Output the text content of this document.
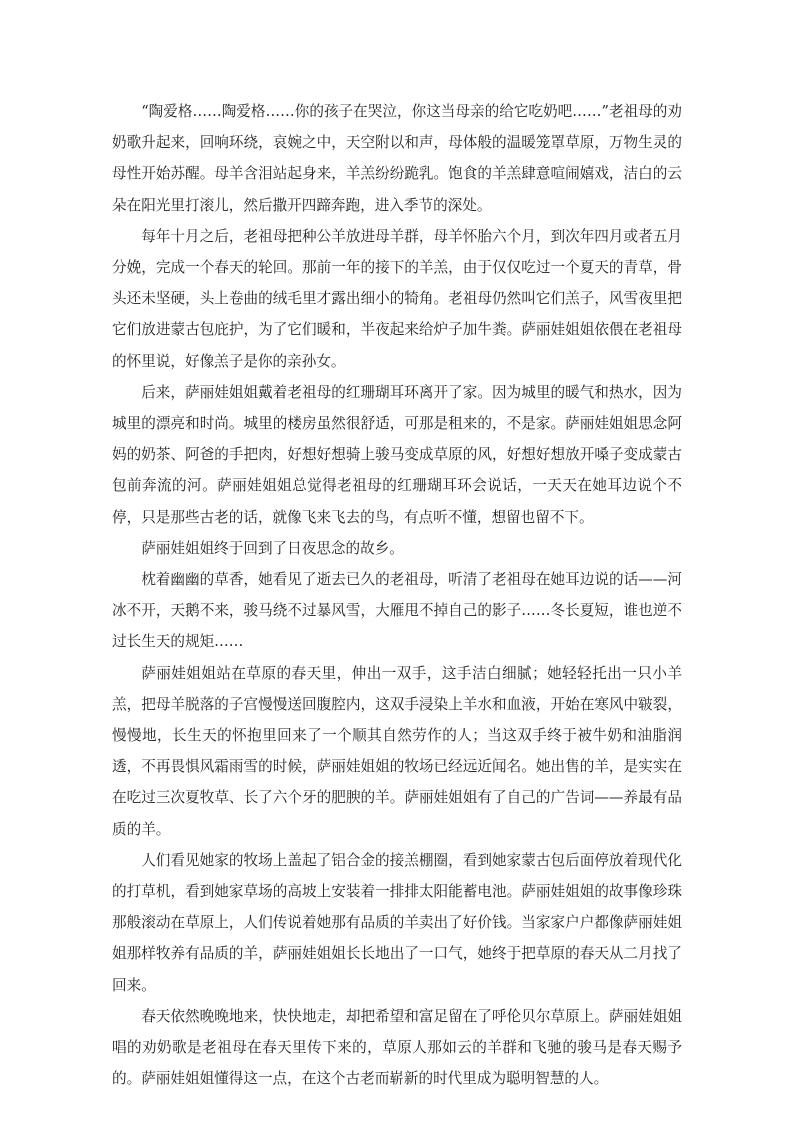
“陶爱格……陶爱格……你的孩子在哭泣，你这当母亲的给它吃奶吧……”老祖母的劝奶歌升起来，回响环绕，哀婉之中，天空附以和声，母体般的温暖笼罩草原，万物生灵的母性开始苏醒。母羊含泪站起身来，羊羔纷纷跪乳。饱食的羊羔肆意喧闹嬉戏，洁白的云朵在阳光里打滚儿，然后撒开四蹄奔跑，进入季节的深处。

每年十月之后，老祖母把种公羊放进母羊群，母羊怀胎六个月，到次年四月或者五月分娩，完成一个春天的轮回。那前一年的接下的羊羔，由于仅仅吃过一个夏天的青草，骨头还未坚硬，头上卷曲的绒毛里才露出细小的犄角。老祖母仍然叫它们羔子，风雪夜里把它们放进蒙古包庇护，为了它们暖和，半夜起来给炉子加牛粪。萨丽娃姐姐依偎在老祖母的怀里说，好像羔子是你的亲孙女。

后来，萨丽娃姐姐戴着老祖母的红珊瑚耳环离开了家。因为城里的暖气和热水，因为城里的漂亮和时尚。城里的楼房虽然很舒适，可那是租来的，不是家。萨丽娃姐姐思念阿妈的奶茶、阿爸的手把肉，好想好想骑上骏马变成草原的风，好想好想放开嗓子变成蒙古包前奔流的河。萨丽娃姐姐总觉得老祖母的红珊瑚耳环会说话，一天天在她耳边说个不停，只是那些古老的话，就像飞来飞去的鸟，有点听不懂，想留也留不下。

萨丽娃姐姐终于回到了日夜思念的故乡。

枕着幽幽的草香，她看见了逝去已久的老祖母，听清了老祖母在她耳边说的话——河冰不开，天鹅不来，骏马绕不过暴风雪，大雁甩不掉自己的影子……冬长夏短，谁也逆不过长生天的规矩……

萨丽娃姐姐站在草原的春天里，伸出一双手，这手洁白细腻；她轻轻托出一只小羊羔，把母羊脱落的子宫慢慢送回腹腔内，这双手浸染上羊水和血液，开始在寒风中皲裂，慢慢地，长生天的怀抱里回来了一个顺其自然劳作的人；当这双手终于被牛奶和油脂润透，不再畏惧风霜雨雪的时候，萨丽娃姐姐的牧场已经远近闻名。她出售的羊，是实实在在吃过三次夏牧草、长了六个牙的肥腴的羊。萨丽娃姐姐有了自己的广告词——养最有品质的羊。

人们看见她家的牧场上盖起了铝合金的接羔棚圈，看到她家蒙古包后面停放着现代化的打草机，看到她家草场的高坡上安装着一排排太阳能蓄电池。萨丽娃姐姐的故事像珍珠那般滚动在草原上，人们传说着她那有品质的羊卖出了好价钱。当家家户户都像萨丽娃姐姐那样牧养有品质的羊，萨丽娃姐姐长长地出了一口气，她终于把草原的春天从二月找了回来。

春天依然晚晚地来，快快地走，却把希望和富足留在了呼伦贝尔草原上。萨丽娃姐姐唱的劝奶歌是老祖母在春天里传下来的，草原人那如云的羊群和飞驰的骏马是春天赐予的。萨丽娃姐姐懂得这一点，在这个古老而崭新的时代里成为聪明智慧的人。
